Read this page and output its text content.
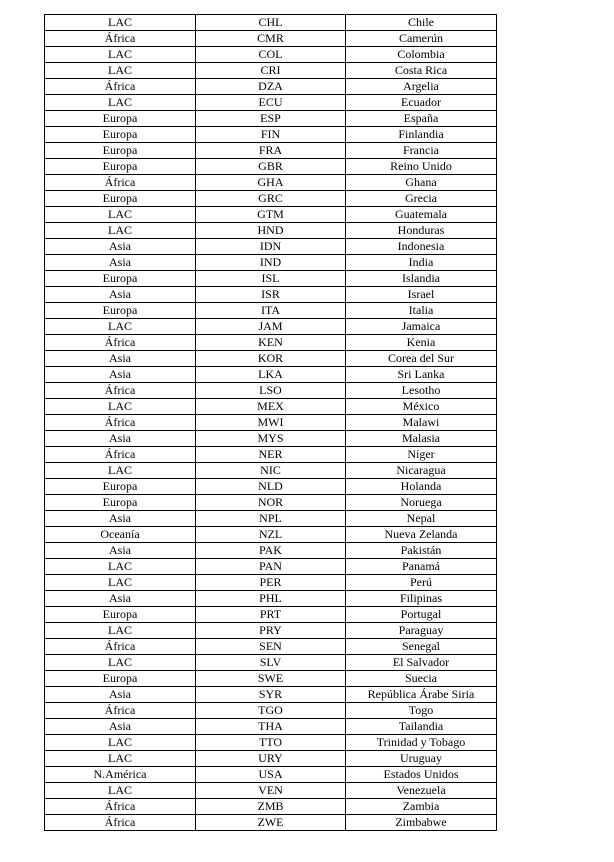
LAC	CHL	Chile
África	CMR	Camerún
LAC	COL	Colombia
LAC	CRI	Costa Rica
África	DZA	Argelia
LAC	ECU	Ecuador
Europa	ESP	España
Europa	FIN	Finlandia
Europa	FRA	Francia
Europa	GBR	Reino Unido
África	GHA	Ghana
Europa	GRC	Grecia
LAC	GTM	Guatemala
LAC	HND	Honduras
Asia	IDN	Indonesia
Asia	IND	India
Europa	ISL	Islandia
Asia	ISR	Israel
Europa	ITA	Italia
LAC	JAM	Jamaica
África	KEN	Kenia
Asia	KOR	Corea del Sur
Asia	LKA	Sri Lanka
África	LSO	Lesotho
LAC	MEX	México
África	MWI	Malawi
Asia	MYS	Malasia
África	NER	Níger
LAC	NIC	Nicaragua
Europa	NLD	Holanda
Europa	NOR	Noruega
Asia	NPL	Nepal
Oceanía	NZL	Nueva Zelanda
Asia	PAK	Pakistán
LAC	PAN	Panamá
LAC	PER	Perú
Asia	PHL	Filipinas
Europa	PRT	Portugal
LAC	PRY	Paraguay
África	SEN	Senegal
LAC	SLV	El Salvador
Europa	SWE	Suecia
Asia	SYR	República Árabe Siria
África	TGO	Togo
Asia	THA	Tailandia
LAC	TTO	Trinidad y Tobago
LAC	URY	Uruguay
N.América	USA	Estados Unidos
LAC	VEN	Venezuela
África	ZMB	Zambia
África	ZWE	Zimbabwe
